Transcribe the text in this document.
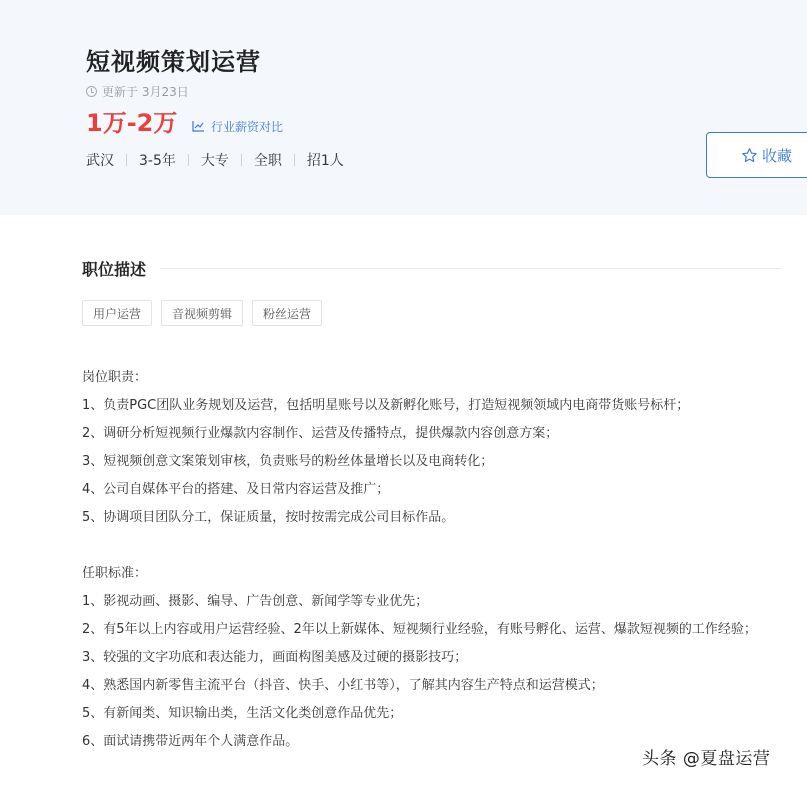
短视频策划运营
更新于 3月23日
1万-2万	行业薪资对比
武汉 3-5年 大专 全职 招1人	收藏
职位描述
用户运营	音视频剪辑	粉丝运营

岗位职责：

1、负责PGC团队业务规划及运营，包括明星账号以及新孵化账号，打造短视频领域内电商带货账号标杆；

2、调研分析短视频行业爆款内容制作、运营及传播特点，提供爆款内容创意方案；

3、短视频创意文案策划审核，负责账号的粉丝体量增长以及电商转化；

4、公司自媒体平台的搭建、及日常内容运营及推广；

5、协调项目团队分工，保证质量，按时按需完成公司目标作品。

任职标准：

1、影视动画、摄影、编导、广告创意、新闻学等专业优先；

2、有5年以上内容或用户运营经验、2年以上新媒体、短视频行业经验，有账号孵化、运营、爆款短视频的工作经验；

3、较强的文字功底和表达能力，画面构图美感及过硬的摄影技巧；

4、熟悉国内新零售主流平台（抖音、快手、小红书等），了解其内容生产特点和运营模式；

5、有新闻类、知识输出类，生活文化类创意作品优先；

6、面试请携带近两年个人满意作品。

头条 @夏盘运营
